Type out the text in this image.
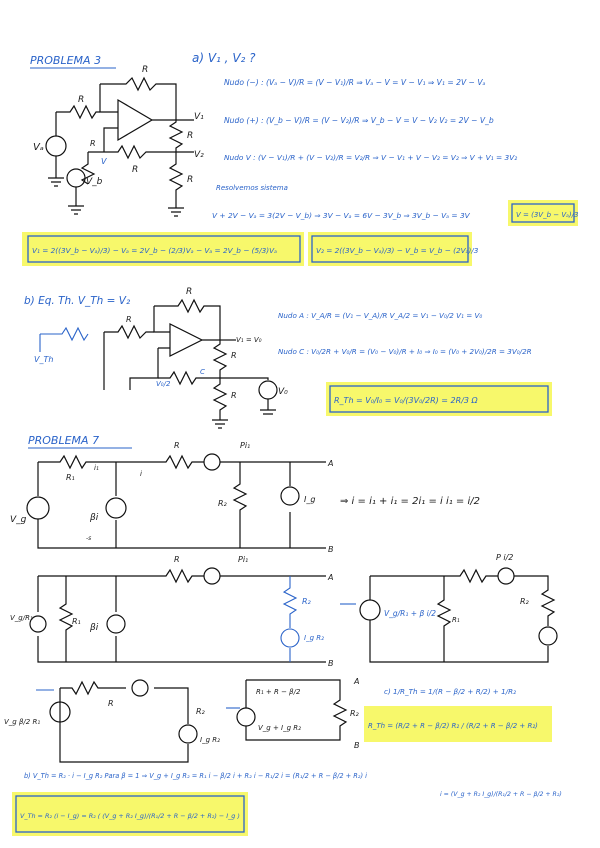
PROBLEMA 3	a) V₁ , V₂ ?
R
R
Vₐ
V₁
R
V₂
R
R
V
R
V_b
Nudo (−) : (Vₐ − V)/R = (V − V₁)/R ⇒ Vₐ − V = V − V₁ ⇒ V₁ = 2V − Vₐ
Nudo (+) : (V_b − V)/R = (V − V₂)/R ⇒ V_b − V = V − V₂ V₂ = 2V − V_b
Nudo V : (V − V₁)/R + (V − V₂)/R = V₂/R ⇒ V − V₁ + V − V₂ = V₂ ⇒ V + V₁ = 3V₂
Resolvemos sistema
V + 2V − Vₐ = 3(2V − V_b) ⇒ 3V − Vₐ = 6V − 3V_b ⇒ 3V_b − Vₐ = 3V	V = (3V_b − Vₐ)/3
V₁ = 2((3V_b − Vₐ)/3) − Vₐ = 2V_b − (2/3)Vₐ − Vₐ = 2V_b − (5/3)Vₐ	V₂ = 2((3V_b − Vₐ)/3) − V_b = V_b − (2Vₐ)/3
b) Eq. Th. V_Th = V₂
V_Th
R
R
V₁ = V₀
R
V₀/2
C
R	V₀
Nudo A : V_A/R = (V₁ − V_A)/R V_A/2 = V₁ − V₀/2 V₁ = V₀
Nudo C : V₀/2R + V₀/R = (V₀ − V₀)/R + I₀ ⇒ I₀ = (V₀ + 2V₀)/2R = 3V₀/2R
R_Th = V₀/I₀ = V₀/(3V₀/2R) = 2R/3 Ω
PROBLEMA 7
R₁
R	Pi₁
A
i₁
i
V_g
B
βi
-s
R₂	I_g ⇒ i = i₁ + i₁ = 2i₁ = i i₁ = i/2
R	Pi₁
A
V_g/R₁
B
R₁
βi
R₂
I_g R₂
P i/2
V_g/R₁ + β i/2
R₁
R₂
R
V_g β/2 R₁
R₂
I_g R₂
R₁ + R − β/2
V_g + I_g R₂
R₂
A
B
c) 1/R_Th = 1/(R − β/2 + R/2) + 1/R₂
R_Th = (R/2 + R − β/2) R₂ / (R/2 + R − β/2 + R₂)
b) V_Th = R₂ · i − I_g R₂ Para β = 1 ⇒ V_g + I_g R₂ = R₁ i − β/2 i + R₂ i − R₁/2 i = (R₁/2 + R − β/2 + R₂) i
i = (V_g + R₂ I_g)/(R₁/2 + R − β/2 + R₂)
V_Th = R₂ (i − I_g) = R₂ ( (V_g + R₂ I_g)/(R₁/2 + R − β/2 + R₂) − I_g )
